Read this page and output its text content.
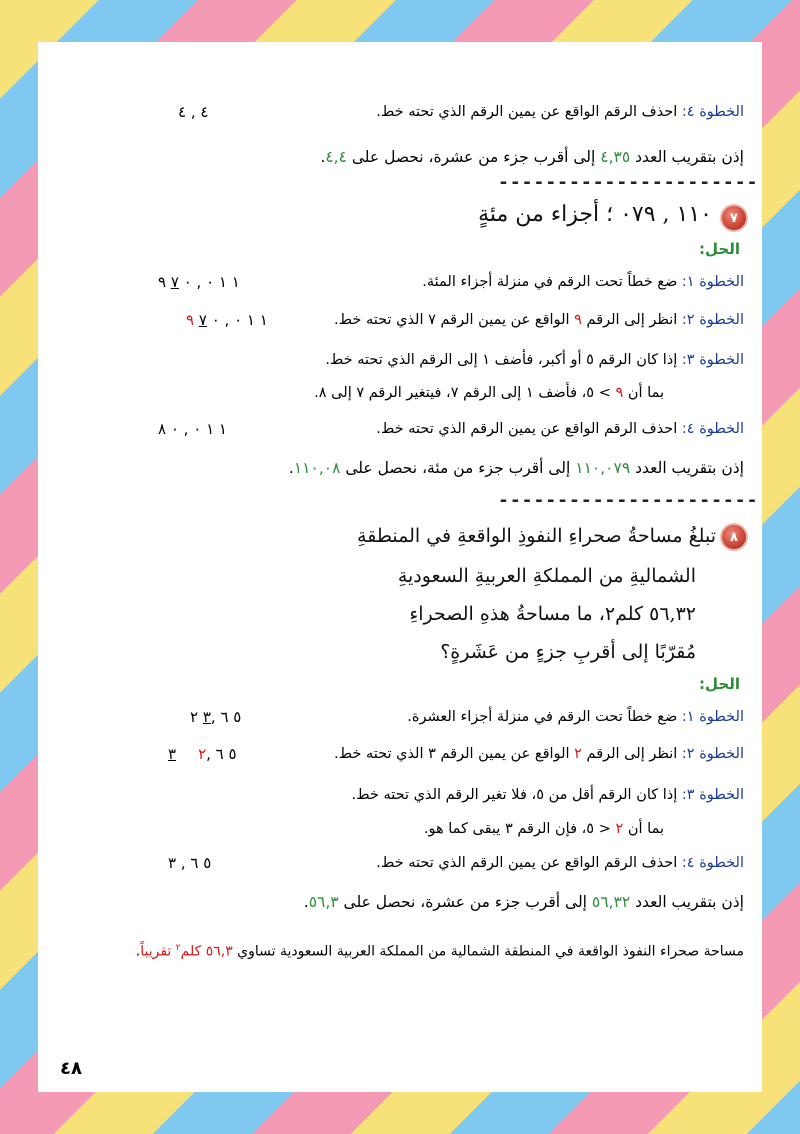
الخطوة ٤: احذف الرقم الواقع عن يمين الرقم الذي تحته خط.
٤ , ٤
إذن بتقريب العدد ٤,٣٥ إلى أقرب جزء من عشرة، نحصل على ٤,٤.
----------------------
٧
١١٠ , ٠٧٩ ؛ أجزاء من مئةٍ
الحل:
الخطوة ١: ضع خطاً تحت الرقم في منزلة أجزاء المئة.
١ ١ ٠ , ٠ ٧ ٩
الخطوة ٢: انظر إلى الرقم ٩ الواقع عن يمين الرقم ٧ الذي تحته خط.
١ ١ ٠ , ٠ ٧ ٩
الخطوة ٣: إذا كان الرقم ٥ أو أكبر، فأضف ١ إلى الرقم الذي تحته خط.
بما أن ٩ > ٥، فأضف ١ إلى الرقم ٧، فيتغير الرقم ٧ إلى ٨.
الخطوة ٤: احذف الرقم الواقع عن يمين الرقم الذي تحته خط.
١ ١ ٠ , ٠ ٨
إذن بتقريب العدد ١١٠,٠٧٩ إلى أقرب جزء من مئة، نحصل على ١١٠,٠٨.
----------------------
٨
تبلغُ مساحةُ صحراءِ النفوذِ الواقعةِ في المنطقةِ
الشماليةِ من المملكةِ العربيةِ السعوديةِ
٥٦,٣٢ كلم٢، ما مساحةُ هذهِ الصحراءِ
مُقرّبًا إلى أقربِ جزءٍ من عَشَرةٍ؟
الحل:
الخطوة ١: ضع خطاً تحت الرقم في منزلة أجزاء العشرة.
٥ ٦ ,٣ ٢
الخطوة ٢: انظر إلى الرقم ٢ الواقع عن يمين الرقم ٣ الذي تحته خط.
٥ ٦ ,٣ ٢
الخطوة ٣: إذا كان الرقم أقل من ٥، فلا تغير الرقم الذي تحته خط.
بما أن ٢ < ٥، فإن الرقم ٣ يبقى كما هو.
الخطوة ٤: احذف الرقم الواقع عن يمين الرقم الذي تحته خط.
٥ ٦ , ٣
إذن بتقريب العدد ٥٦,٣٢ إلى أقرب جزء من عشرة، نحصل على ٥٦,٣.
مساحة صحراء النفوذ الواقعة في المنطقة الشمالية من المملكة العربية السعودية تساوي ٥٦,٣ كلم$^٢$ تقريباً.
٤٨
